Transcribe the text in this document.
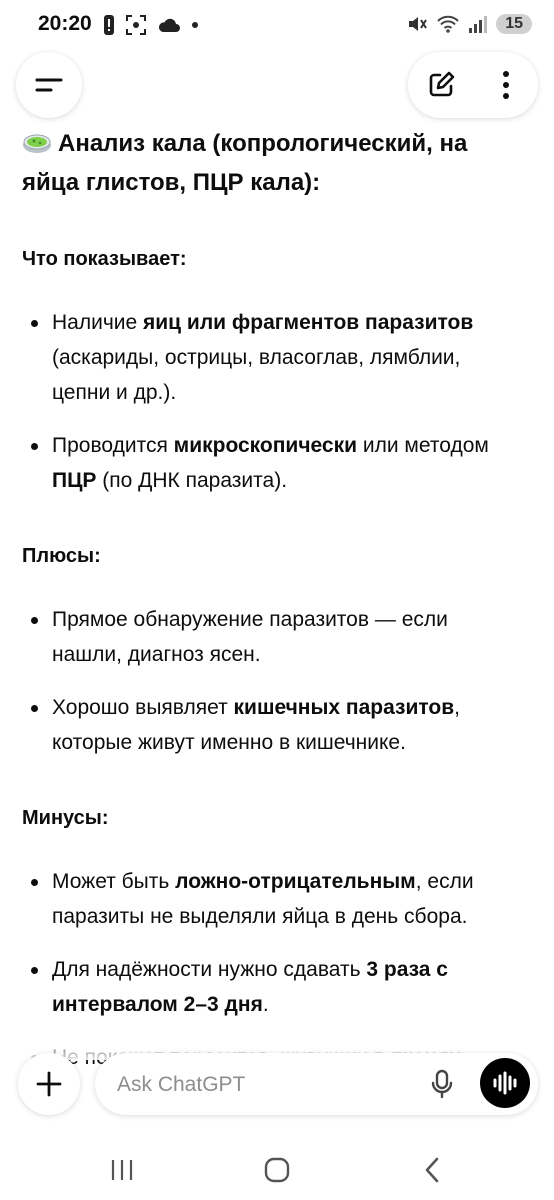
20:20	15
Анализ кала (копрологический, на яйца глистов, ПЦР кала):
Что показывает:
Наличие яиц или фрагментов паразитов (аскариды, острицы, власоглав, лямблии, цепни и др.).
Проводится микроскопически или методом ПЦР (по ДНК паразита).
Плюсы:
Прямое обнаружение паразитов — если нашли, диагноз ясен.
Хорошо выявляет кишечных паразитов, которые живут именно в кишечнике.
Минусы:
Может быть ложно-отрицательным, если паразиты не выделяли яйца в день сбора.
Для надёжности нужно сдавать 3 раза с интервалом 2–3 дня.
Ask ChatGPT
